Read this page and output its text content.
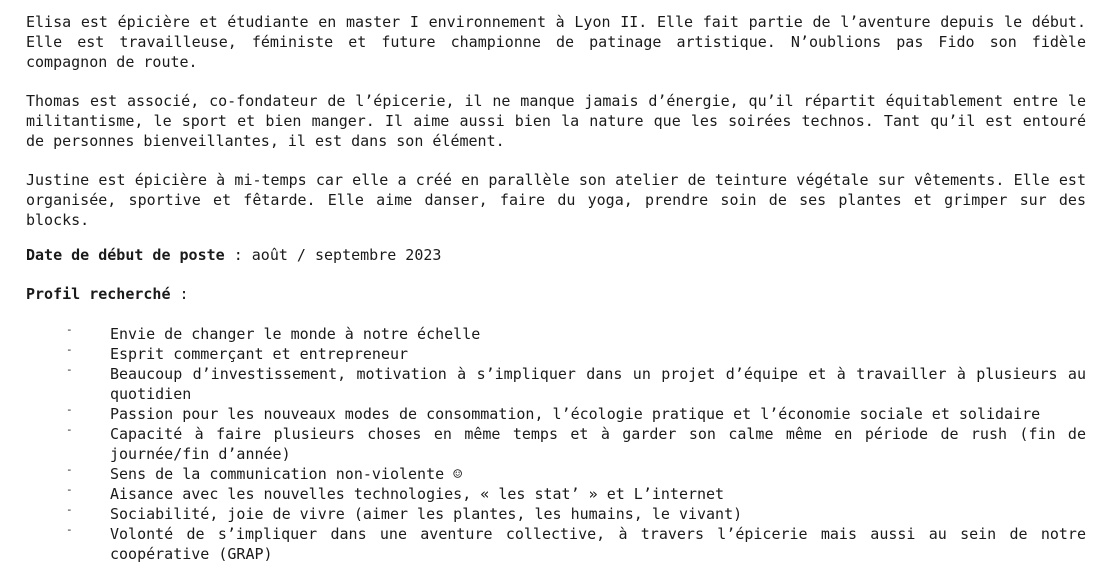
Elisa est épicière et étudiante en master I environnement à Lyon II. Elle fait partie de l’aventure depuis le début. Elle est travailleuse, féministe et future championne de patinage artistique. N’oublions pas Fido son fidèle compagnon de route.

Thomas est associé, co-fondateur de l’épicerie, il ne manque jamais d’énergie, qu’il répartit équitablement entre le militantisme, le sport et bien manger. Il aime aussi bien la nature que les soirées technos. Tant qu’il est entouré de personnes bienveillantes, il est dans son élément.

Justine est épicière à mi-temps car elle a créé en parallèle son atelier de teinture végétale sur vêtements. Elle est organisée, sportive et fêtarde. Elle aime danser, faire du yoga, prendre soin de ses plantes et grimper sur des blocks.

Date de début de poste : août / septembre 2023

Profil recherché :

- Envie de changer le monde à notre échelle
- Esprit commerçant et entrepreneur
- Beaucoup d’investissement, motivation à s’impliquer dans un projet d’équipe et à travailler à plusieurs au quotidien
- Passion pour les nouveaux modes de consommation, l’écologie pratique et l’économie sociale et solidaire
- Capacité à faire plusieurs choses en même temps et à garder son calme même en période de rush (fin de journée/fin d’année)
- Sens de la communication non-violente ☺
- Aisance avec les nouvelles technologies, « les stat’ » et L’internet
- Sociabilité, joie de vivre (aimer les plantes, les humains, le vivant)
- Volonté de s’impliquer dans une aventure collective, à travers l’épicerie mais aussi au sein de notre coopérative (GRAP)
